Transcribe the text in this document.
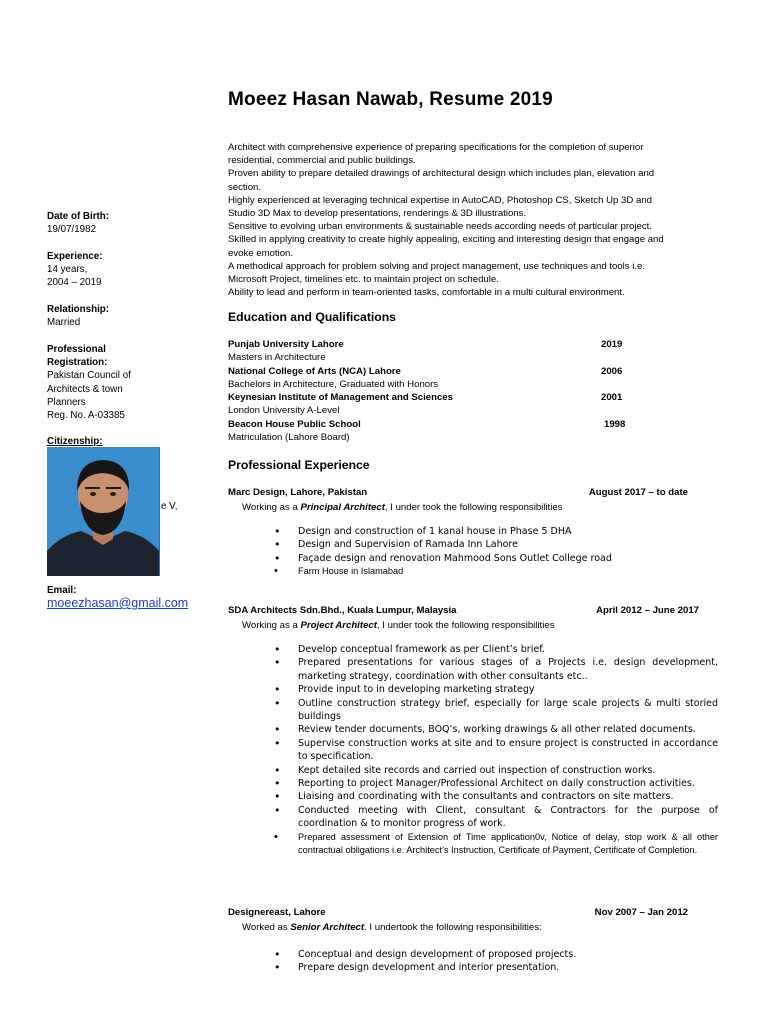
Moeez Hasan Nawab, Resume 2019
Architect with comprehensive experience of preparing specifications for the completion of superior
residential, commercial and public buildings.
Proven ability to prepare detailed drawings of architectural design which includes plan, elevation and
section.
Highly experienced at leveraging technical expertise in AutoCAD, Photoshop CS, Sketch Up 3D and
Studio 3D Max to develop presentations, renderings & 3D illustrations.
Sensitive to evolving urban environments & sustainable needs according needs of particular project.
Skilled in applying creativity to create highly appealing, exciting and interesting design that engage and
evoke emotion.
A methodical approach for problem solving and project management, use techniques and tools i.e.
Microsoft Project, timelines etc. to maintain project on schedule.
Ability to lead and perform in team-oriented tasks, comfortable in a multi cultural environment.
Date of Birth:
19/07/1982
Experience:
14 years,
2004 – 2019
Relationship:
Married
Professional
Registration:
Pakistan Council of
Architects & town
Planners
Reg. No. A-03385
Citizenship:
e V,
Email:
moeezhasan@gmail.com
Education and Qualifications
Punjab University Lahore	2019
Masters in Architecture
National College of Arts (NCA) Lahore	2006
Bachelors in Architecture, Graduated with Honors
Keynesian Institute of Management and Sciences	2001
London University A-Level
Beacon House Public School	1998
Matriculation (Lahore Board)
Professional Experience
Marc Design, Lahore, Pakistan	August 2017 – to date
Working as a Principal Architect, I under took the following responsibilities
• Design and construction of 1 kanal house in Phase 5 DHA
• Design and Supervision of Ramada Inn Lahore
• Façade design and renovation Mahmood Sons Outlet College road
• Farm House in Islamabad
SDA Architects Sdn.Bhd., Kuala Lumpur, Malaysia	April 2012 – June 2017
Working as a Project Architect, I under took the following responsibilities
• Develop conceptual framework as per Client’s brief.
• Prepared presentations for various stages of a Projects i.e. design development, marketing strategy, coordination with other consultants etc..
• Provide input to in developing marketing strategy
• Outline construction strategy brief, especially for large scale projects & multi storied buildings
• Review tender documents, BOQ’s, working drawings & all other related documents.
• Supervise construction works at site and to ensure project is constructed in accordance to specification.
• Kept detailed site records and carried out inspection of construction works.
• Reporting to project Manager/Professional Architect on daily construction activities.
• Liaising and coordinating with the consultants and contractors on site matters.
• Conducted meeting with Client, consultant & Contractors for the purpose of coordination & to monitor progress of work.
• Prepared assessment of Extension of Time application0v, Notice of delay, stop work & all other contractual obligations i.e. Architect’s Instruction, Certificate of Payment, Certificate of Completion.
Designereast, Lahore	Nov 2007 – Jan 2012
Worked as Senior Architect. I undertook the following responsibilities:
• Conceptual and design development of proposed projects.
• Prepare design development and interior presentation.
